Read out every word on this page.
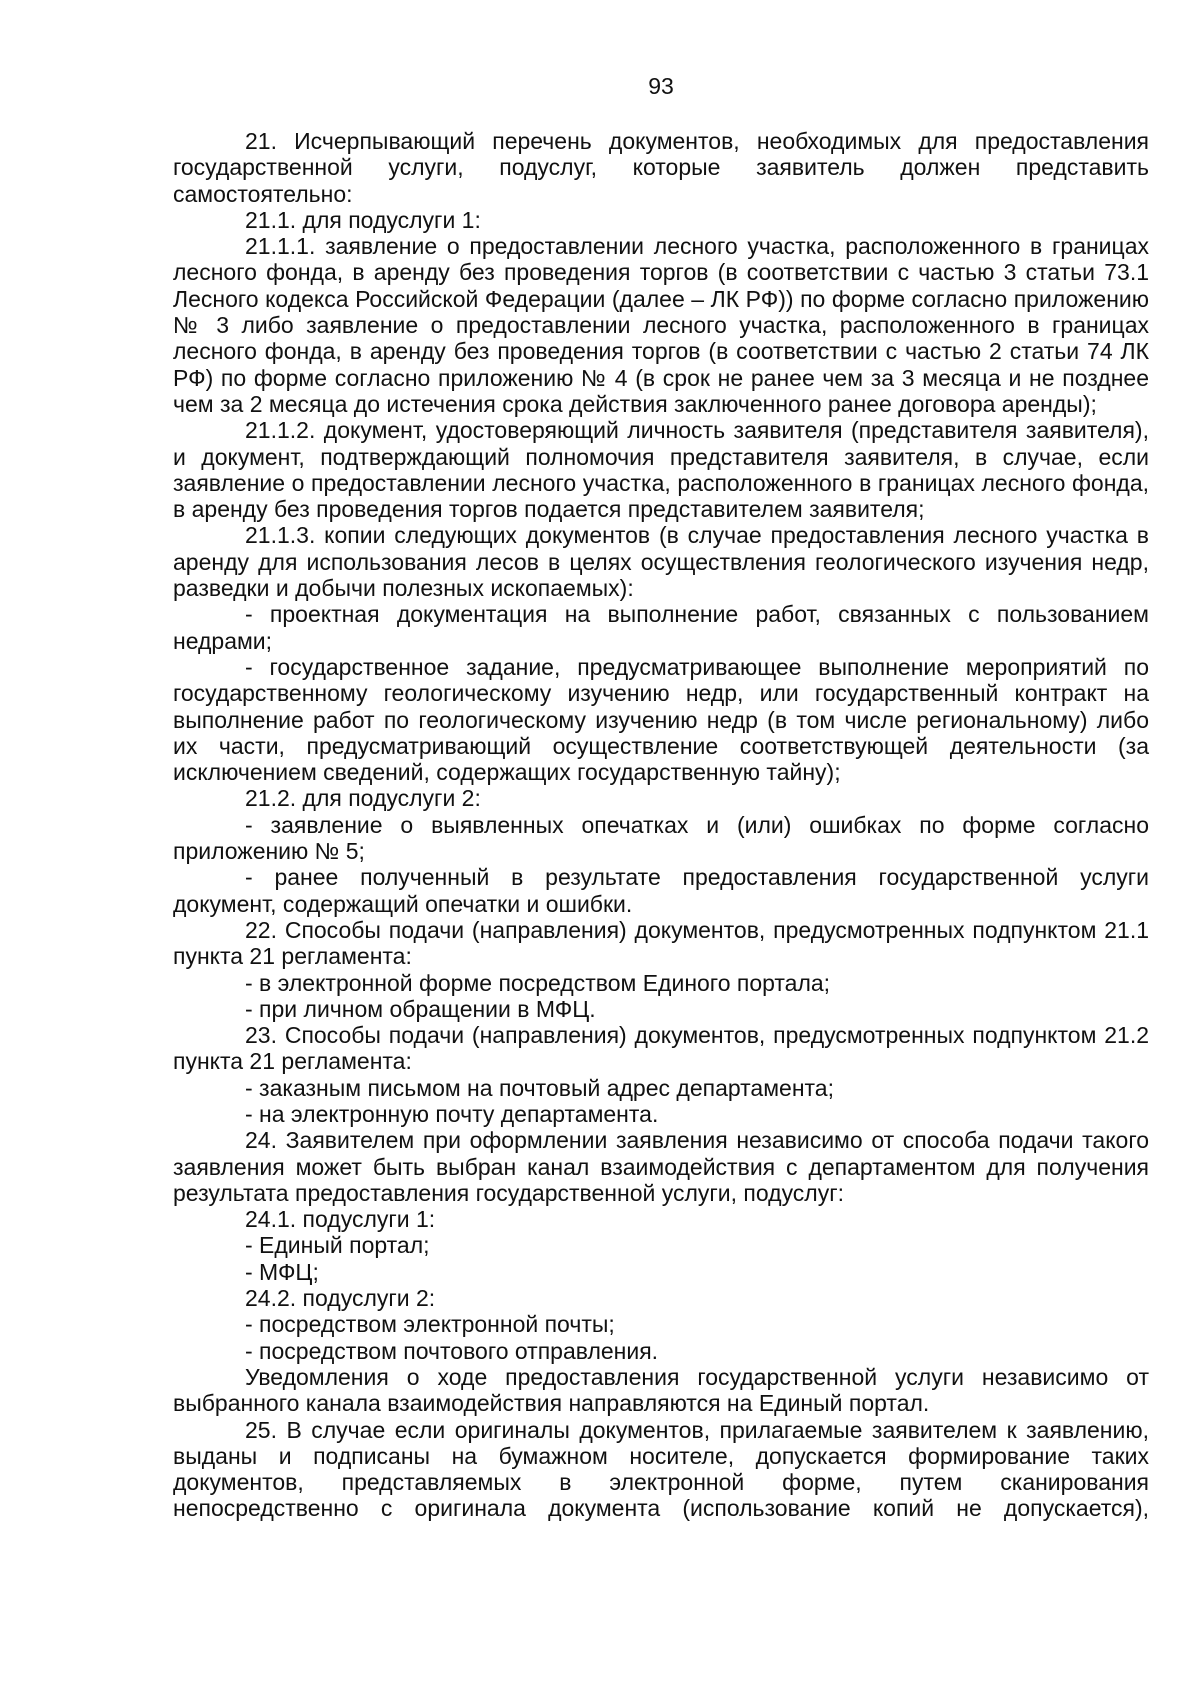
93

21. Исчерпывающий перечень документов, необходимых для предоставления государственной услуги, подуслуг, которые заявитель должен представить самостоятельно:

21.1. для подуслуги 1:

21.1.1. заявление о предоставлении лесного участка, расположенного в границах лесного фонда, в аренду без проведения торгов (в соответствии с частью 3 статьи 73.1 Лесного кодекса Российской Федерации (далее – ЛК РФ)) по форме согласно приложению № 3 либо заявление о предоставлении лесного участка, расположенного в границах лесного фонда, в аренду без проведения торгов (в соответствии с частью 2 статьи 74 ЛК РФ) по форме согласно приложению № 4 (в срок не ранее чем за 3 месяца и не позднее чем за 2 месяца до истечения срока действия заключенного ранее договора аренды);

21.1.2. документ, удостоверяющий личность заявителя (представителя заявителя), и документ, подтверждающий полномочия представителя заявителя, в случае, если заявление о предоставлении лесного участка, расположенного в границах лесного фонда, в аренду без проведения торгов подается представителем заявителя;

21.1.3. копии следующих документов (в случае предоставления лесного участка в аренду для использования лесов в целях осуществления геологического изучения недр, разведки и добычи полезных ископаемых):

- проектная документация на выполнение работ, связанных с пользованием недрами;

- государственное задание, предусматривающее выполнение мероприятий по государственному геологическому изучению недр, или государственный контракт на выполнение работ по геологическому изучению недр (в том числе региональному) либо их части, предусматривающий осуществление соответствующей деятельности (за исключением сведений, содержащих государственную тайну);

21.2. для подуслуги 2:

- заявление о выявленных опечатках и (или) ошибках по форме согласно приложению № 5;

- ранее полученный в результате предоставления государственной услуги документ, содержащий опечатки и ошибки.

22. Способы подачи (направления) документов, предусмотренных подпунктом 21.1 пункта 21 регламента:

- в электронной форме посредством Единого портала;

- при личном обращении в МФЦ.

23. Способы подачи (направления) документов, предусмотренных подпунктом 21.2 пункта 21 регламента:

- заказным письмом на почтовый адрес департамента;

- на электронную почту департамента.

24. Заявителем при оформлении заявления независимо от способа подачи такого заявления может быть выбран канал взаимодействия с департаментом для получения результата предоставления государственной услуги, подуслуг:

24.1. подуслуги 1:

- Единый портал;

- МФЦ;

24.2. подуслуги 2:

- посредством электронной почты;

- посредством почтового отправления.

Уведомления о ходе предоставления государственной услуги независимо от выбранного канала взаимодействия направляются на Единый портал.

25. В случае если оригиналы документов, прилагаемые заявителем к заявлению, выданы и подписаны на бумажном носителе, допускается формирование таких документов, представляемых в электронной форме, путем сканирования непосредственно с оригинала документа (использование копий не допускается),
